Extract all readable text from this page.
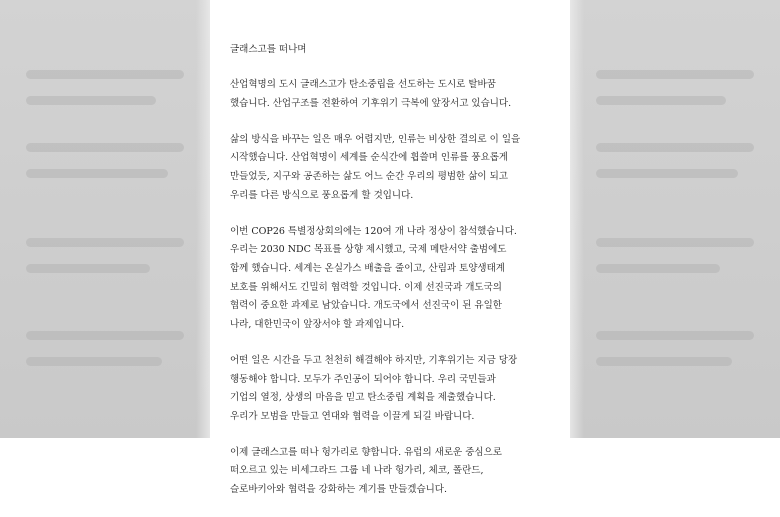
글래스고를 떠나며
산업혁명의 도시 글래스고가 탄소중립을 선도하는 도시로 탈바꿈
했습니다. 산업구조를 전환하여 기후위기 극복에 앞장서고 있습니다.
삶의 방식을 바꾸는 일은 매우 어렵지만, 인류는 비상한 결의로 이 일을
시작했습니다. 산업혁명이 세계를 순식간에 휩쓸며 인류를 풍요롭게
만들었듯, 지구와 공존하는 삶도 어느 순간 우리의 평범한 삶이 되고
우리를 다른 방식으로 풍요롭게 할 것입니다.
이번 COP26 특별정상회의에는 120여 개 나라 정상이 참석했습니다.
우리는 2030 NDC 목표를 상향 제시했고, 국제 메탄서약 출범에도
함께 했습니다. 세계는 온실가스 배출을 줄이고, 산림과 토양생태계
보호를 위해서도 긴밀히 협력할 것입니다. 이제 선진국과 개도국의
협력이 중요한 과제로 남았습니다. 개도국에서 선진국이 된 유일한
나라, 대한민국이 앞장서야 할 과제입니다.
어떤 일은 시간을 두고 천천히 해결해야 하지만, 기후위기는 지금 당장
행동해야 합니다. 모두가 주인공이 되어야 합니다. 우리 국민들과
기업의 열정, 상생의 마음을 믿고 탄소중립 계획을 제출했습니다.
우리가 모범을 만들고 연대와 협력을 이끌게 되길 바랍니다.
이제 글래스고를 떠나 헝가리로 향합니다. 유럽의 새로운 중심으로
떠오르고 있는 비세그라드 그룹 네 나라 헝가리, 체코, 폴란드,
슬로바키아와 협력을 강화하는 계기를 만들겠습니다.
